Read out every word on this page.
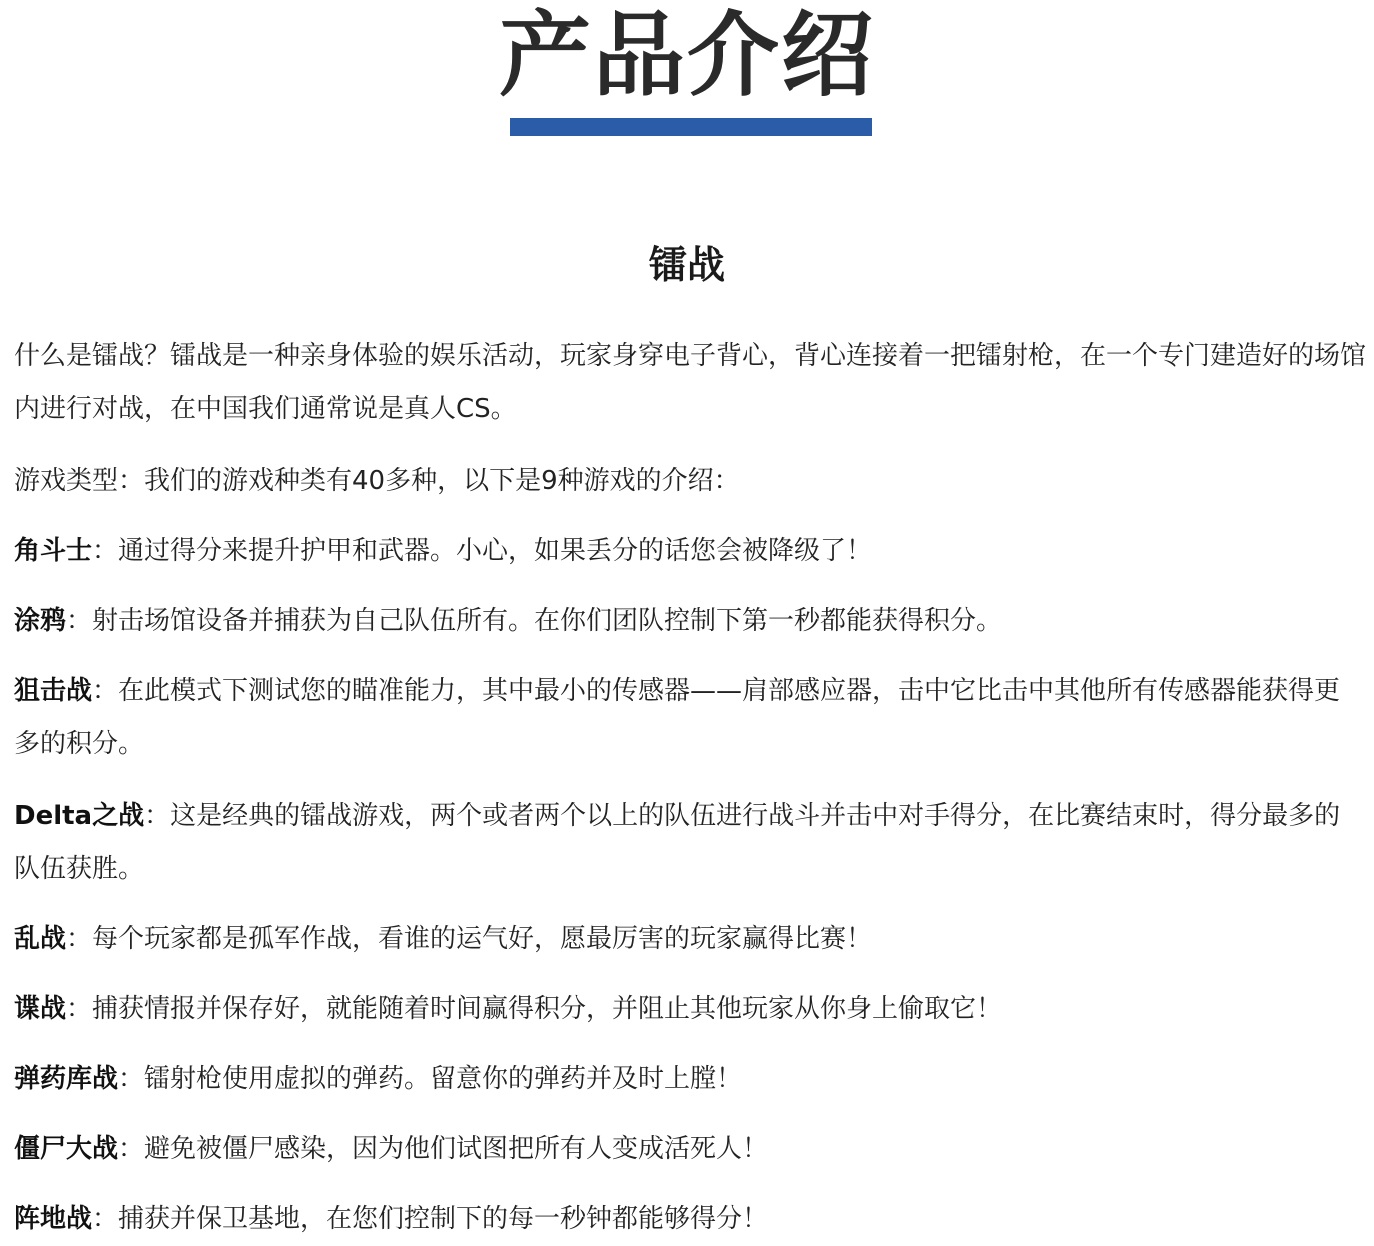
产品介绍
镭战

什么是镭战？镭战是一种亲身体验的娱乐活动，玩家身穿电子背心，背心连接着一把镭射枪，在一个专门建造好的场馆内进行对战，在中国我们通常说是真人CS。

游戏类型：我们的游戏种类有40多种，以下是9种游戏的介绍：

角斗士：通过得分来提升护甲和武器。小心，如果丢分的话您会被降级了！

涂鸦：射击场馆设备并捕获为自己队伍所有。在你们团队控制下第一秒都能获得积分。

狙击战：在此模式下测试您的瞄准能力，其中最小的传感器——肩部感应器，击中它比击中其他所有传感器能获得更多的积分。

Delta之战：这是经典的镭战游戏，两个或者两个以上的队伍进行战斗并击中对手得分，在比赛结束时，得分最多的队伍获胜。

乱战：每个玩家都是孤军作战，看谁的运气好，愿最厉害的玩家赢得比赛！

谍战：捕获情报并保存好，就能随着时间赢得积分，并阻止其他玩家从你身上偷取它！

弹药库战：镭射枪使用虚拟的弹药。留意你的弹药并及时上膛！

僵尸大战：避免被僵尸感染，因为他们试图把所有人变成活死人！

阵地战：捕获并保卫基地，在您们控制下的每一秒钟都能够得分！
